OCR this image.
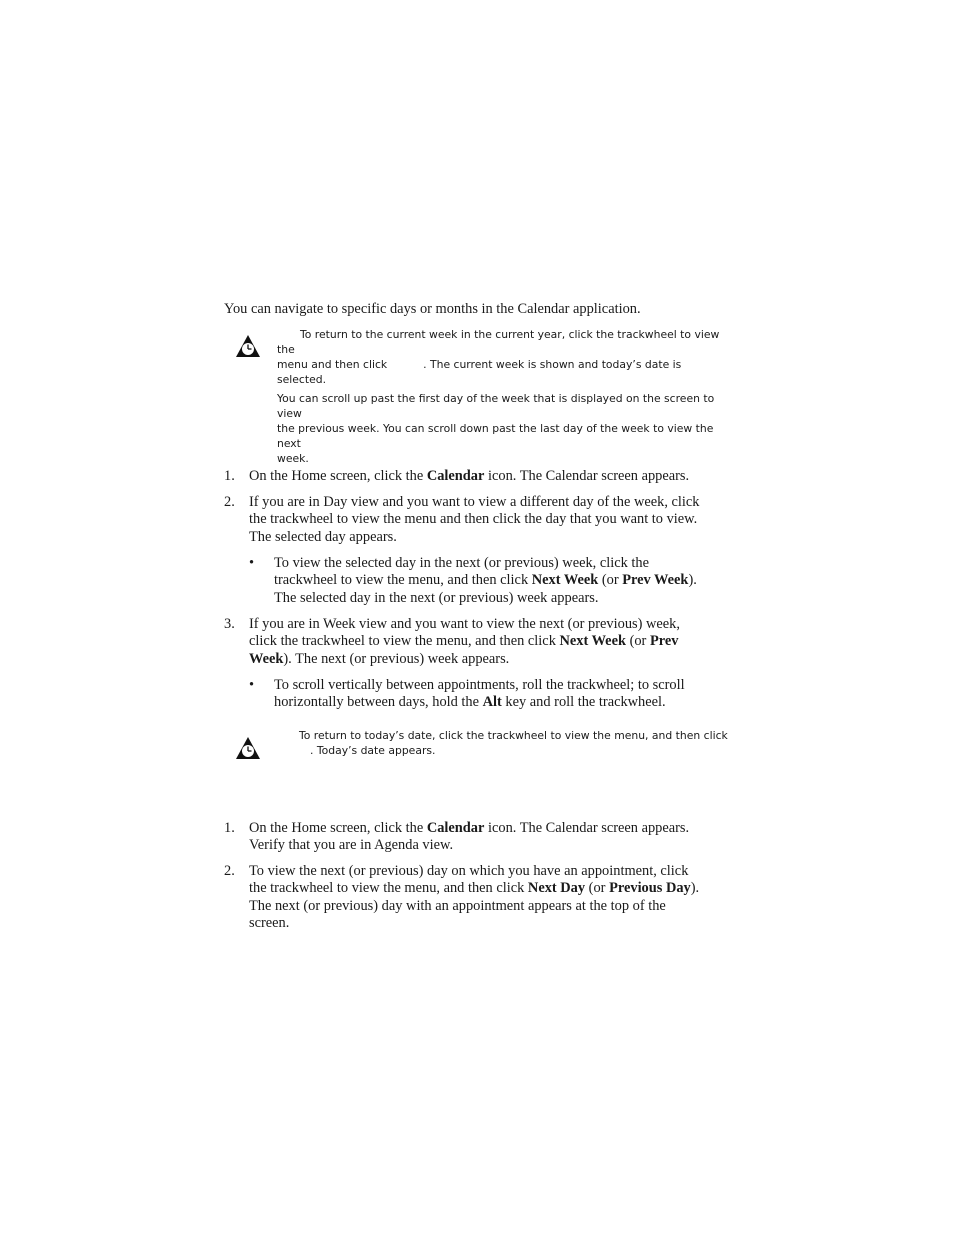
You can navigate to specific days or months in the Calendar application.

To return to the current week in the current year, click the trackwheel to view the
menu and then click	. The current week is shown and today’s date is selected.

You can scroll up past the first day of the week that is displayed on the screen to view
the previous week. You can scroll down past the last day of the week to view the next
week.

1. On the Home screen, click the Calendar icon. The Calendar screen appears.
2. If you are in Day view and you want to view a different day of the week, click
the trackwheel to view the menu and then click the day that you want to view.
The selected day appears.
• To view the selected day in the next (or previous) week, click the
trackwheel to view the menu, and then click Next Week (or Prev Week).
The selected day in the next (or previous) week appears.
3. If you are in Week view and you want to view the next (or previous) week,
click the trackwheel to view the menu, and then click Next Week (or Prev
Week). The next (or previous) week appears.
• To scroll vertically between appointments, roll the trackwheel; to scroll
horizontally between days, hold the Alt key and roll the trackwheel.
To return to today’s date, click the trackwheel to view the menu, and then click
. Today’s date appears.
1. On the Home screen, click the Calendar icon. The Calendar screen appears.
Verify that you are in Agenda view.
2. To view the next (or previous) day on which you have an appointment, click
the trackwheel to view the menu, and then click Next Day (or Previous Day).
The next (or previous) day with an appointment appears at the top of the
screen.
